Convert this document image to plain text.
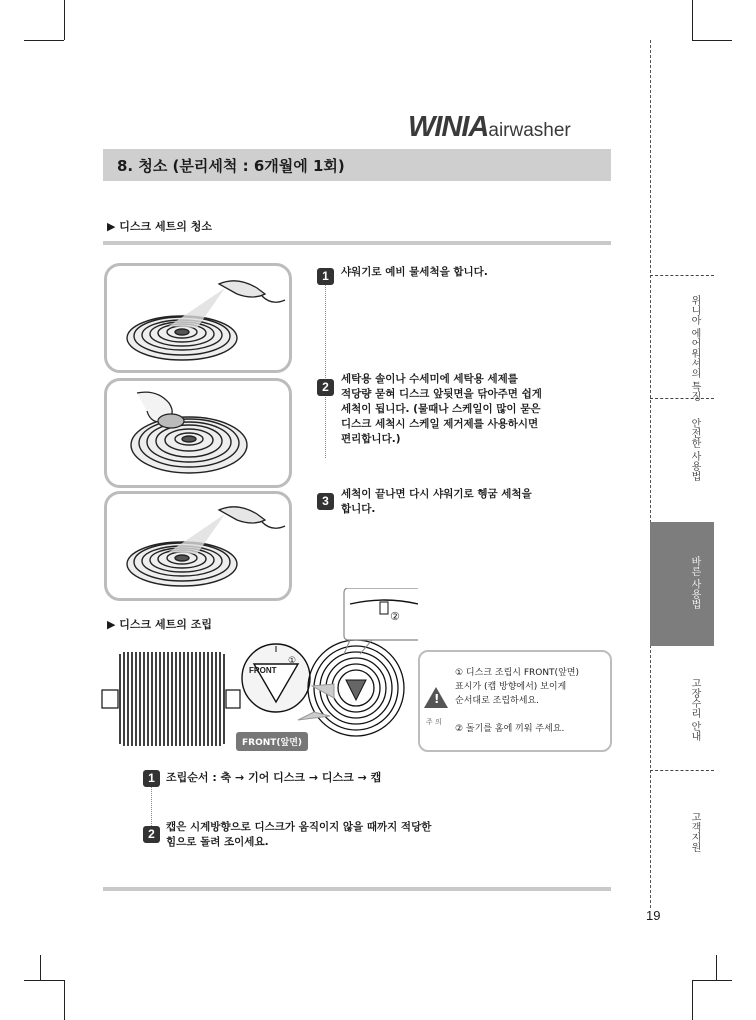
WINIAairwasher
8. 청소 (분리세척 : 6개월에 1회)
▶ 디스크 세트의 청소
1	샤워기로 예비 물세척을 합니다.
2
세탁용 솔이나 수세미에 세탁용 세제를
적당량 묻혀 디스크 앞뒷면을 닦아주면 쉽게
세척이 됩니다. (물때나 스케일이 많이 묻은
디스크 세척시 스케일 제거제를 사용하시면
편리합니다.)
3	세척이 끝나면 다시 샤워기로 헹굼 세척을
합니다.
▶ 디스크 세트의 조립
FRONT
①
②
FRONT(앞면)
!
주 의
① 디스크 조립시 FRONT(앞면)
표시가 (캡 방향에서) 보이게
순서대로 조립하세요.
② 돌기를 홈에 끼워 주세요.
1	조립순서 : 축 → 기어 디스크 → 디스크 → 캡
2	캡은 시계방향으로 디스크가 움직이지 않을 때까지 적당한
힘으로 돌려 조이세요.
위니아 에어워셔의 특징
안전한 사용법
바른 사용법
고장수리 안내
고객지원
19
